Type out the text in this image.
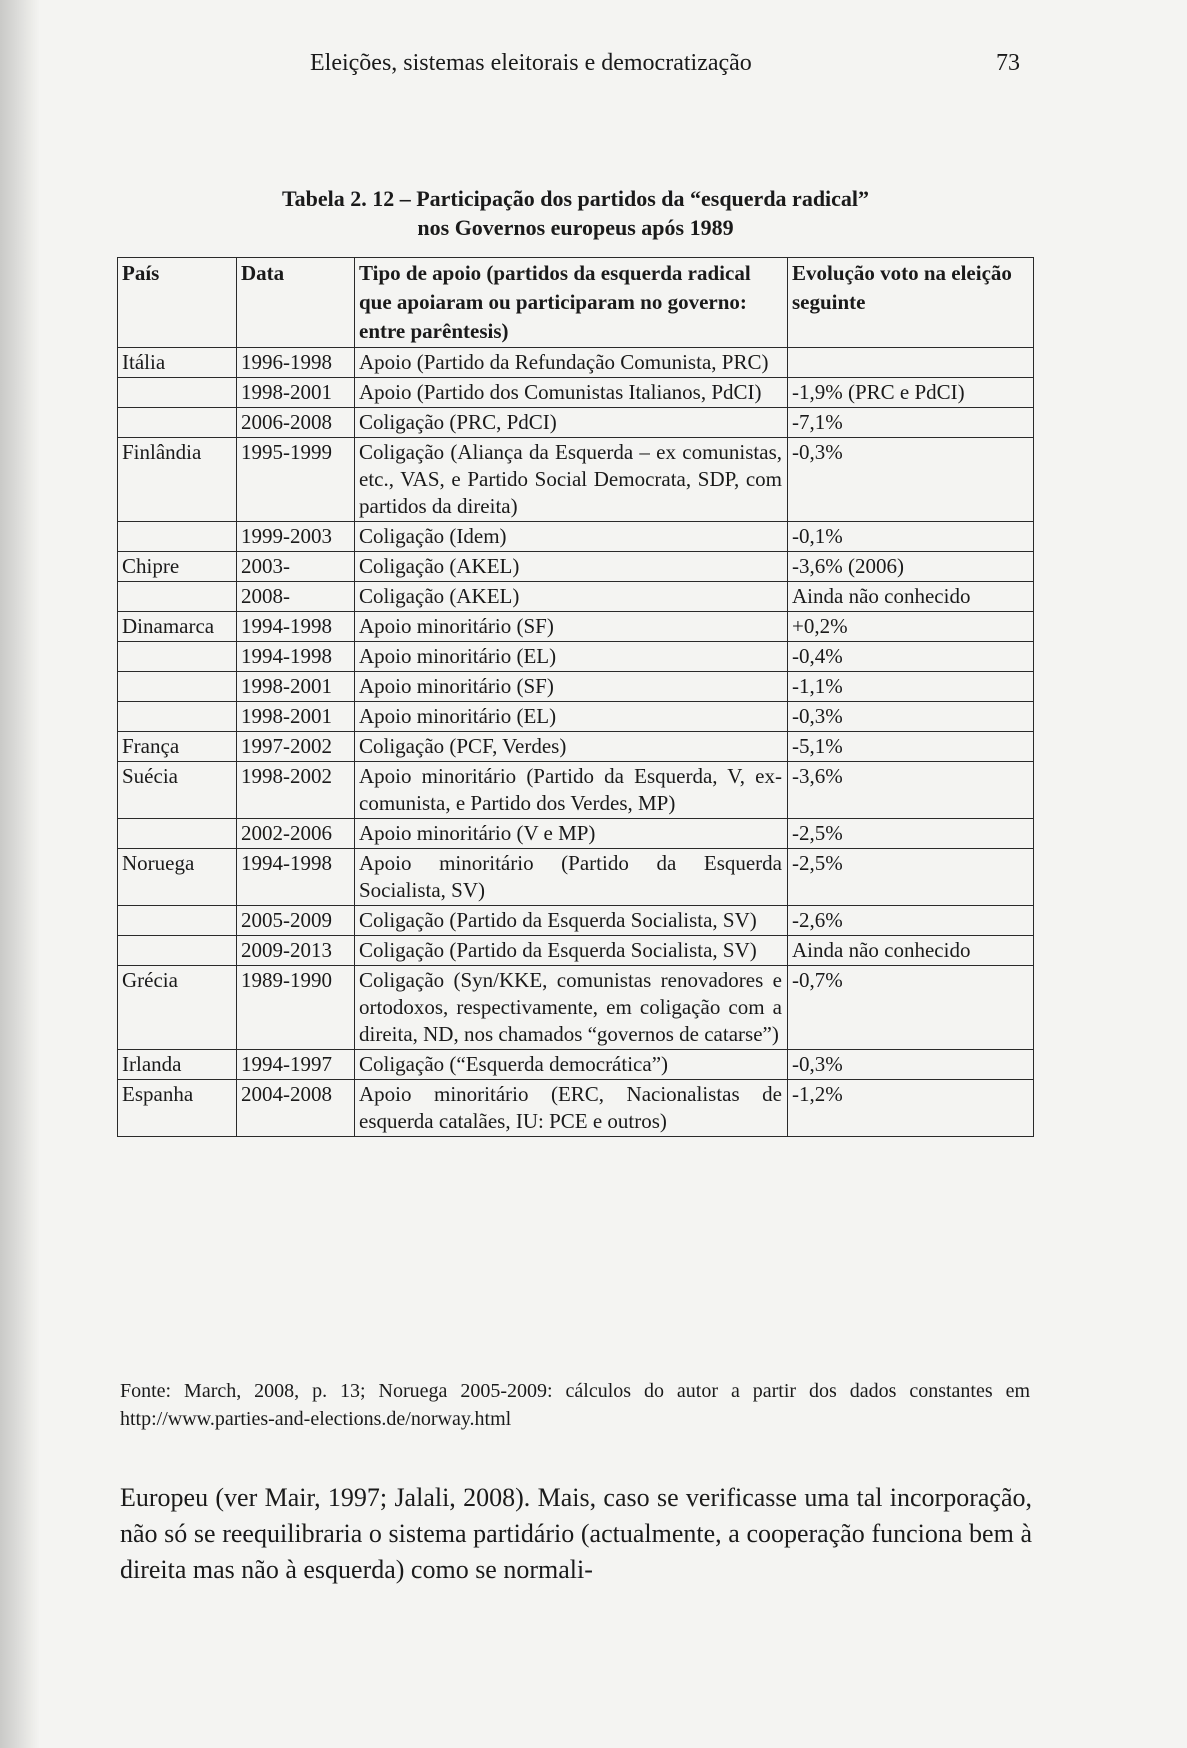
Eleições, sistemas eleitorais e democratização	73
Tabela 2. 12 – Participação dos partidos da “esquerda radical”
nos Governos europeus após 1989
País	Data	Tipo de apoio (partidos da esquerda radical que apoiaram ou participaram no governo: entre parêntesis)	Evolução voto na eleição seguinte
Itália	1996-1998	Apoio (Partido da Refundação Comunista, PRC)	
	1998-2001	Apoio (Partido dos Comunistas Italianos, PdCI)	-1,9% (PRC e PdCI)
	2006-2008	Coligação (PRC, PdCI)	-7,1%
Finlândia	1995-1999	Coligação (Aliança da Esquerda – ex comunistas, etc., VAS, e Partido Social Democrata, SDP, com partidos da direita)	-0,3%
	1999-2003	Coligação (Idem)	-0,1%
Chipre	2003-	Coligação (AKEL)	-3,6% (2006)
	2008-	Coligação (AKEL)	Ainda não conhecido
Dinamarca	1994-1998	Apoio minoritário (SF)	+0,2%
	1994-1998	Apoio minoritário (EL)	-0,4%
	1998-2001	Apoio minoritário (SF)	-1,1%
	1998-2001	Apoio minoritário (EL)	-0,3%
França	1997-2002	Coligação (PCF, Verdes)	-5,1%
Suécia	1998-2002	Apoio minoritário (Partido da Esquerda, V, ex-comunista, e Partido dos Verdes, MP)	-3,6%
	2002-2006	Apoio minoritário (V e MP)	-2,5%
Noruega	1994-1998	Apoio minoritário (Partido da Esquerda Socialista, SV)	-2,5%
	2005-2009	Coligação (Partido da Esquerda Socialista, SV)	-2,6%
	2009-2013	Coligação (Partido da Esquerda Socialista, SV)	Ainda não conhecido
Grécia	1989-1990	Coligação (Syn/KKE, comunistas renovadores e ortodoxos, respectivamente, em coligação com a direita, ND, nos chamados “governos de catarse”)	-0,7%
Irlanda	1994-1997	Coligação (“Esquerda democrática”)	-0,3%
Espanha	2004-2008	Apoio minoritário (ERC, Nacionalistas de esquerda catalães, IU: PCE e outros)	-1,2%
Fonte: March, 2008, p. 13; Noruega 2005-2009: cálculos do autor a partir dos dados constantes em http://www.parties-and-elections.de/norway.html
Europeu (ver Mair, 1997; Jalali, 2008). Mais, caso se verificasse uma tal incorporação, não só se reequilibraria o sistema partidário (actualmente, a cooperação funciona bem à direita mas não à esquerda) como se normali-
